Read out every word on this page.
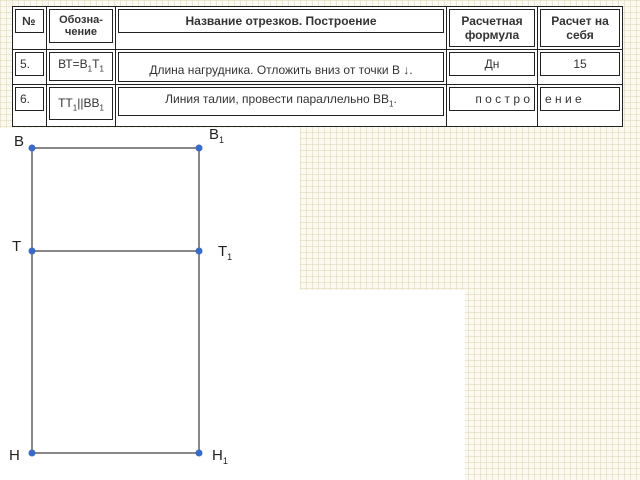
№	Обозна-чение	Название отрезков. Построение	Расчетная формула	Расчет на себя

5.	$ВТ=В_1Т_1$	Длина нагрудника. Отложить вниз от точки В ↓.	Дн	15

6.	$ТТ_1||ВВ_1$	Линия талии, провести параллельно $ВВ_1$.	п о с т р о	е н и е
В	$В_1$
Т	$Т_1$
Н	$Н_1$
